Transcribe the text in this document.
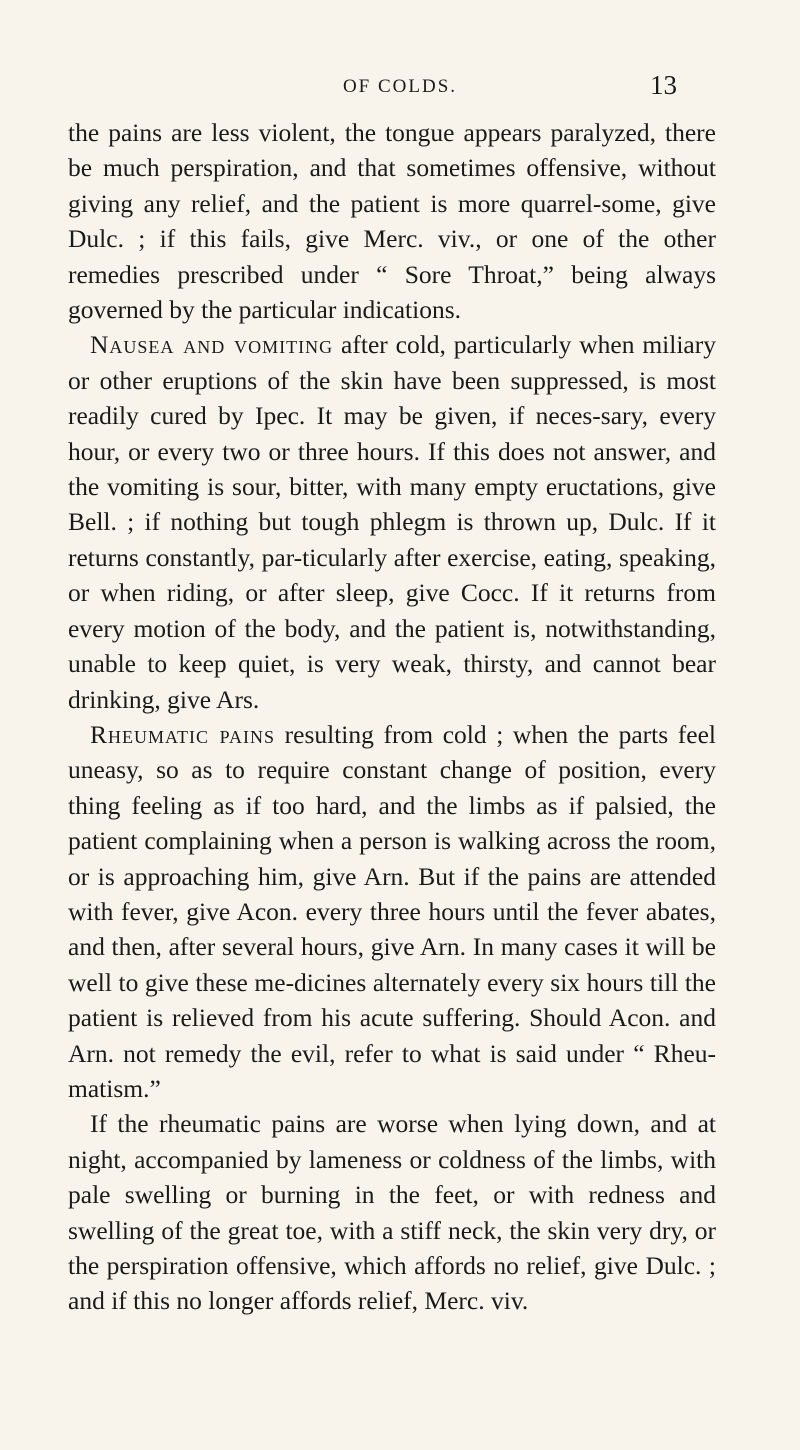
OF COLDS.	13

the pains are less violent, the tongue appears paralyzed, there be much perspiration, and that sometimes offensive, without giving any relief, and the patient is more quarrel-some, give Dulc. ; if this fails, give Merc. viv., or one of the other remedies prescribed under “ Sore Throat,” being always governed by the particular indications.

Nausea and vomiting after cold, particularly when miliary or other eruptions of the skin have been suppressed, is most readily cured by Ipec. It may be given, if neces-sary, every hour, or every two or three hours. If this does not answer, and the vomiting is sour, bitter, with many empty eructations, give Bell. ; if nothing but tough phlegm is thrown up, Dulc. If it returns constantly, par-ticularly after exercise, eating, speaking, or when riding, or after sleep, give Cocc. If it returns from every motion of the body, and the patient is, notwithstanding, unable to keep quiet, is very weak, thirsty, and cannot bear drinking, give Ars.

Rheumatic pains resulting from cold ; when the parts feel uneasy, so as to require constant change of position, every thing feeling as if too hard, and the limbs as if palsied, the patient complaining when a person is walking across the room, or is approaching him, give Arn. But if the pains are attended with fever, give Acon. every three hours until the fever abates, and then, after several hours, give Arn. In many cases it will be well to give these me-dicines alternately every six hours till the patient is relieved from his acute suffering. Should Acon. and Arn. not remedy the evil, refer to what is said under “ Rheu-matism.”

If the rheumatic pains are worse when lying down, and at night, accompanied by lameness or coldness of the limbs, with pale swelling or burning in the feet, or with redness and swelling of the great toe, with a stiff neck, the skin very dry, or the perspiration offensive, which affords no relief, give Dulc. ; and if this no longer affords relief, Merc. viv.
